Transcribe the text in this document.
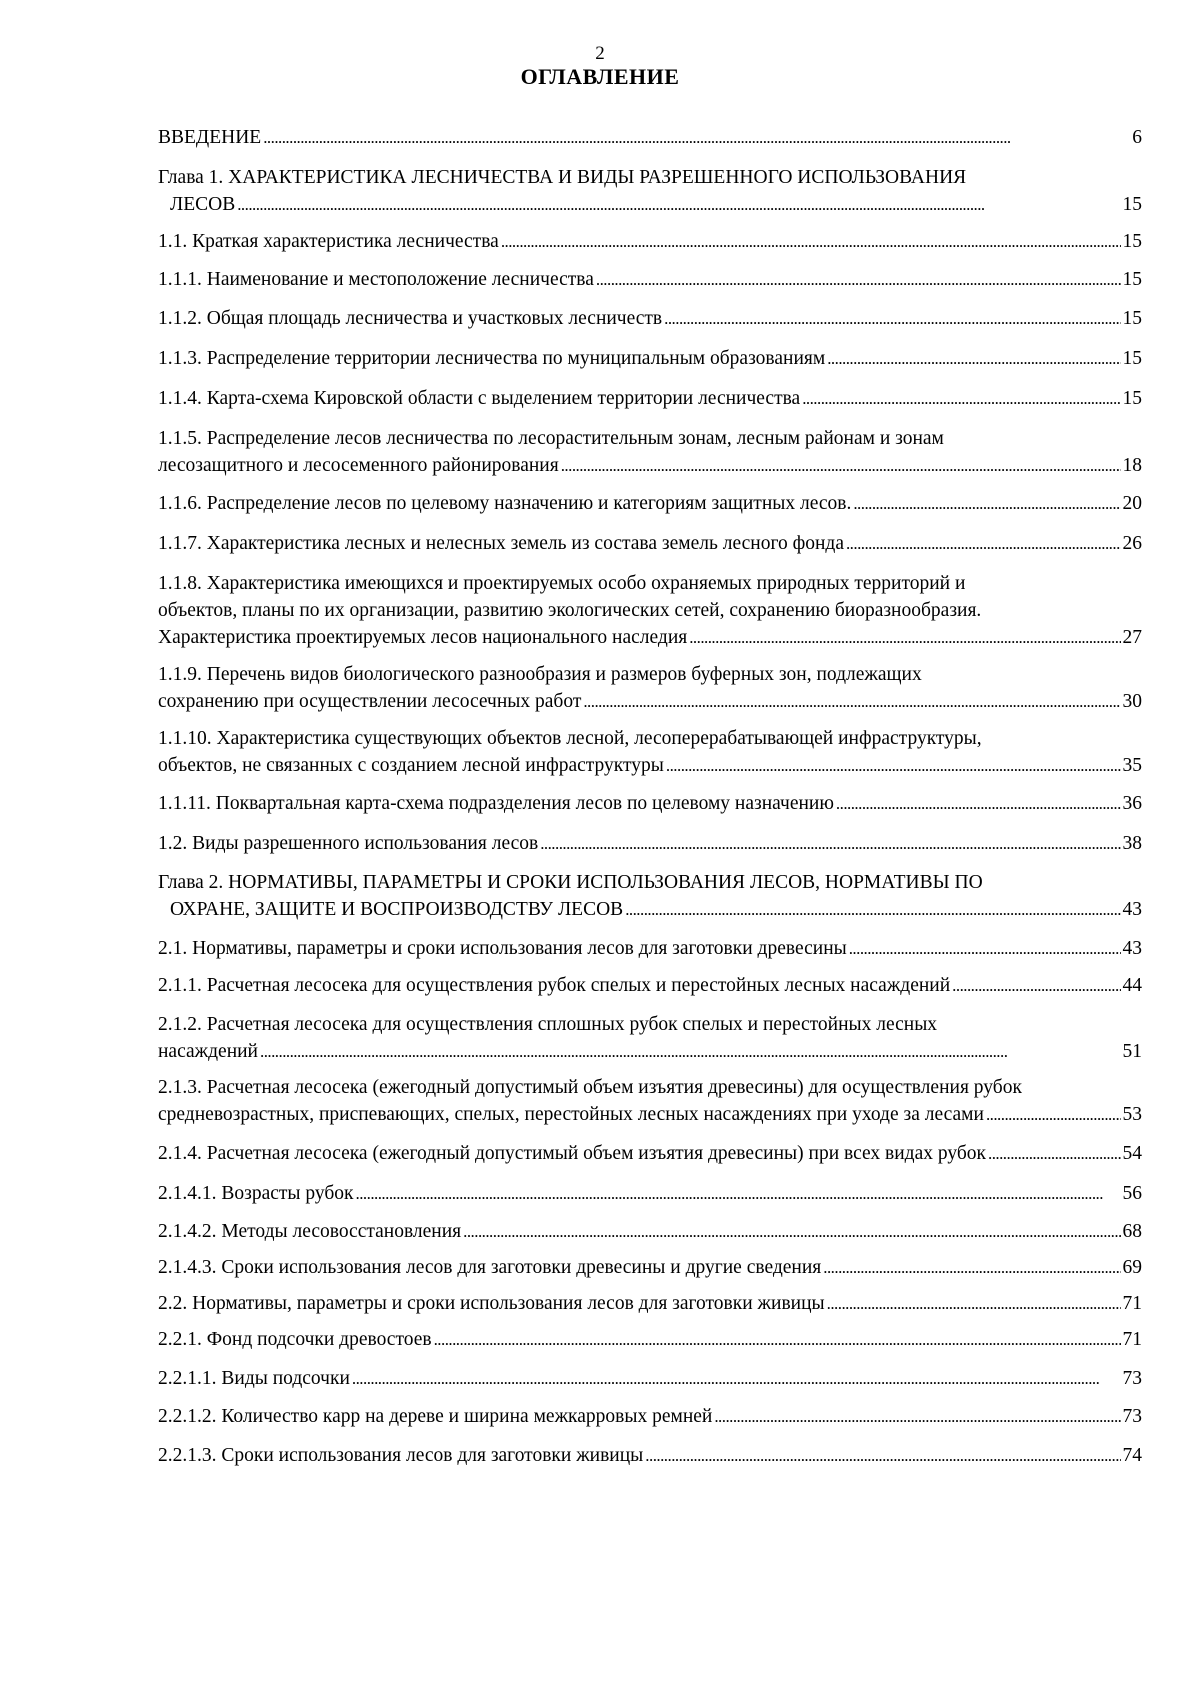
2
ОГЛАВЛЕНИЕ
ВВЕДЕНИЕ . . .	6
Глава 1. ХАРАКТЕРИСТИКА ЛЕСНИЧЕСТВА И ВИДЫ РАЗРЕШЕННОГО ИСПОЛЬЗОВАНИЯ
ЛЕСОВ . . .	15
1.1. Краткая характеристика лесничества . . .	15
1.1.1. Наименование и местоположение лесничества . . .	15
1.1.2. Общая площадь лесничества и участковых лесничеств . . .	15
1.1.3. Распределение территории лесничества по муниципальным образованиям . . .	15
1.1.4. Карта-схема Кировской области с выделением территории лесничества . . .	15
1.1.5. Распределение лесов лесничества по лесорастительным зонам, лесным районам и зонам
лесозащитного и лесосеменного районирования . . .	18
1.1.6. Распределение лесов по целевому назначению и категориям защитных лесов. . . .	20
1.1.7. Характеристика лесных и нелесных земель из состава земель лесного фонда . . .	26
1.1.8. Характеристика имеющихся и проектируемых особо охраняемых природных территорий и
объектов, планы по их организации, развитию экологических сетей, сохранению биоразнообразия.
Характеристика проектируемых лесов национального наследия . . .	27
1.1.9. Перечень видов биологического разнообразия и размеров буферных зон, подлежащих
сохранению при осуществлении лесосечных работ . . .	30
1.1.10. Характеристика существующих объектов лесной, лесоперерабатывающей инфраструктуры,
объектов, не связанных с созданием лесной инфраструктуры . . .	35
1.1.11. Поквартальная карта-схема подразделения лесов по целевому назначению . . .	36
1.2. Виды разрешенного использования лесов . . .	38
Глава 2. НОРМАТИВЫ, ПАРАМЕТРЫ И СРОКИ ИСПОЛЬЗОВАНИЯ ЛЕСОВ, НОРМАТИВЫ ПО
ОХРАНЕ, ЗАЩИТЕ И ВОСПРОИЗВОДСТВУ ЛЕСОВ . . .	43
2.1. Нормативы, параметры и сроки использования лесов для заготовки древесины . . .	43
2.1.1. Расчетная лесосека для осуществления рубок спелых и перестойных лесных насаждений . . .	44
2.1.2. Расчетная лесосека для осуществления сплошных рубок спелых и перестойных лесных
насаждений . . .	51
2.1.3. Расчетная лесосека (ежегодный допустимый объем изъятия древесины) для осуществления рубок
средневозрастных, приспевающих, спелых, перестойных лесных насаждениях при уходе за лесами . . .	53
2.1.4. Расчетная лесосека (ежегодный допустимый объем изъятия древесины) при всех видах рубок . . .	54
2.1.4.1. Возрасты рубок . . .	56
2.1.4.2. Методы лесовосстановления . . .	68
2.1.4.3. Сроки использования лесов для заготовки древесины и другие сведения . . .	69
2.2. Нормативы, параметры и сроки использования лесов для заготовки живицы . . .	71
2.2.1. Фонд подсочки древостоев . . .	71
2.2.1.1. Виды подсочки . . .	73
2.2.1.2. Количество карр на дереве и ширина межкарровых ремней . . .	73
2.2.1.3. Сроки использования лесов для заготовки живицы . . .	74
